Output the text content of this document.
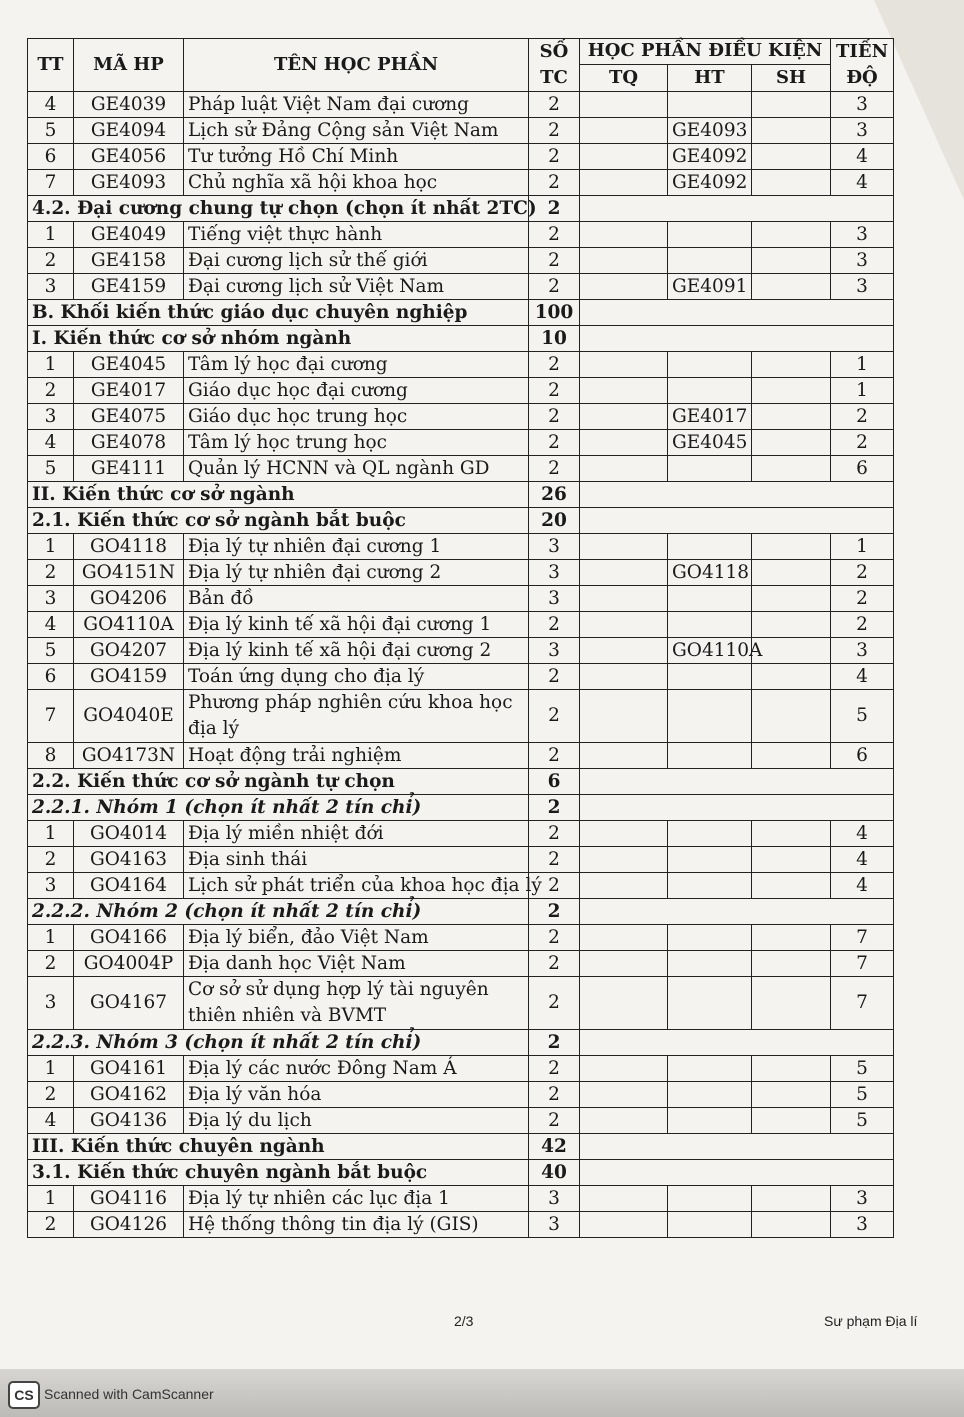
TT	MÃ HP	TÊN HỌC PHẦN	SỐ TC	HỌC PHẦN ĐIỀU KIỆN			TIẾN ĐỘ
				TQ	HT	SH	
4	GE4039	Pháp luật Việt Nam đại cương	2				3
5	GE4094	Lịch sử Đảng Cộng sản Việt Nam	2		GE4093		3
6	GE4056	Tư tưởng Hồ Chí Minh	2		GE4092		4
7	GE4093	Chủ nghĩa xã hội khoa học	2		GE4092		4
4.2. Đại cương chung tự chọn (chọn ít nhất 2TC)			2				
1	GE4049	Tiếng việt thực hành	2				3
2	GE4158	Đại cương lịch sử thế giới	2				3
3	GE4159	Đại cương lịch sử Việt Nam	2		GE4091		3
B. Khối kiến thức giáo dục chuyên nghiệp			100				
I. Kiến thức cơ sở nhóm ngành			10				
1	GE4045	Tâm lý học đại cương	2				1
2	GE4017	Giáo dục học đại cương	2				1
3	GE4075	Giáo dục học trung học	2		GE4017		2
4	GE4078	Tâm lý học trung học	2		GE4045		2
5	GE4111	Quản lý HCNN và QL ngành GD	2				6
II. Kiến thức cơ sở ngành			26				
2.1. Kiến thức cơ sở ngành bắt buộc			20				
1	GO4118	Địa lý tự nhiên đại cương 1	3				1
2	GO4151N	Địa lý tự nhiên đại cương 2	3		GO4118		2
3	GO4206	Bản đồ	3				2
4	GO4110A	Địa lý kinh tế xã hội đại cương 1	2				2
5	GO4207	Địa lý kinh tế xã hội đại cương 2	3		GO4110A		3
6	GO4159	Toán ứng dụng cho địa lý	2				4
7	GO4040E	Phương pháp nghiên cứu khoa học địa lý	2				5
8	GO4173N	Hoạt động trải nghiệm	2				6
2.2. Kiến thức cơ sở ngành tự chọn			6				
2.2.1. Nhóm 1 (chọn ít nhất 2 tín chỉ)			2				
1	GO4014	Địa lý miền nhiệt đới	2				4
2	GO4163	Địa sinh thái	2				4
3	GO4164	Lịch sử phát triển của khoa học địa lý	2				4
2.2.2. Nhóm 2 (chọn ít nhất 2 tín chỉ)			2				
1	GO4166	Địa lý biển, đảo Việt Nam	2				7
2	GO4004P	Địa danh học Việt Nam	2				7
3	GO4167	Cơ sở sử dụng hợp lý tài nguyên thiên nhiên và BVMT	2				7
2.2.3. Nhóm 3 (chọn ít nhất 2 tín chỉ)			2				
1	GO4161	Địa lý các nước Đông Nam Á	2				5
2	GO4162	Địa lý văn hóa	2				5
4	GO4136	Địa lý du lịch	2				5
III. Kiến thức chuyên ngành			42				
3.1. Kiến thức chuyên ngành bắt buộc			40				
1	GO4116	Địa lý tự nhiên các lục địa 1	3				3
2	GO4126	Hệ thống thông tin địa lý (GIS)	3				3
2/3	Sư phạm Địa lí
CS Scanned with CamScanner
